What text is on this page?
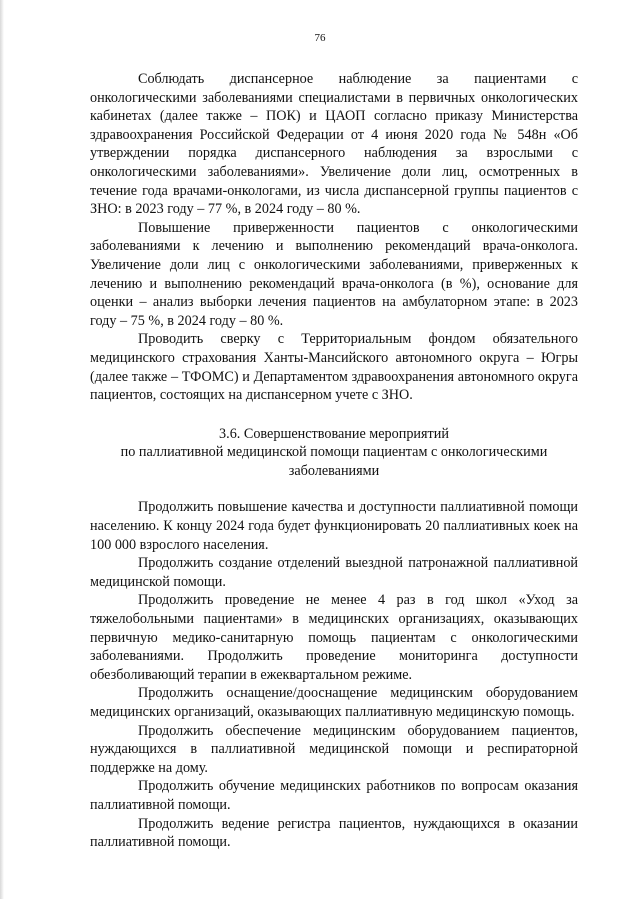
76

Соблюдать диспансерное наблюдение за пациентами с онкологическими заболеваниями специалистами в первичных онкологических кабинетах (далее также – ПОК) и ЦАОП согласно приказу Министерства здравоохранения Российской Федерации от 4 июня 2020 года № 548н «Об утверждении порядка диспансерного наблюдения за взрослыми с онкологическими заболеваниями». Увеличение доли лиц, осмотренных в течение года врачами-онкологами, из числа диспансерной группы пациентов с ЗНО: в 2023 году – 77 %, в 2024 году – 80 %.

Повышение приверженности пациентов с онкологическими заболеваниями к лечению и выполнению рекомендаций врача-онколога. Увеличение доли лиц с онкологическими заболеваниями, приверженных к лечению и выполнению рекомендаций врача-онколога (в %), основание для оценки – анализ выборки лечения пациентов на амбулаторном этапе: в 2023 году – 75 %, в 2024 году – 80 %.

Проводить сверку с Территориальным фондом обязательного медицинского страхования Ханты-Мансийского автономного округа – Югры (далее также – ТФОМС) и Департаментом здравоохранения автономного округа пациентов, состоящих на диспансерном учете с ЗНО.

3.6. Совершенствование мероприятий
по паллиативной медицинской помощи пациентам с онкологическими
заболеваниями

Продолжить повышение качества и доступности паллиативной помощи населению. К концу 2024 года будет функционировать 20 паллиативных коек на 100 000 взрослого населения.

Продолжить создание отделений выездной патронажной паллиативной медицинской помощи.

Продолжить проведение не менее 4 раз в год школ «Уход за тяжелобольными пациентами» в медицинских организациях, оказывающих первичную медико-санитарную помощь пациентам с онкологическими заболеваниями. Продолжить проведение мониторинга доступности обезболивающий терапии в ежеквартальном режиме.

Продолжить оснащение/дооснащение медицинским оборудованием медицинских организаций, оказывающих паллиативную медицинскую помощь.

Продолжить обеспечение медицинским оборудованием пациентов, нуждающихся в паллиативной медицинской помощи и респираторной поддержке на дому.

Продолжить обучение медицинских работников по вопросам оказания паллиативной помощи.

Продолжить ведение регистра пациентов, нуждающихся в оказании паллиативной помощи.
